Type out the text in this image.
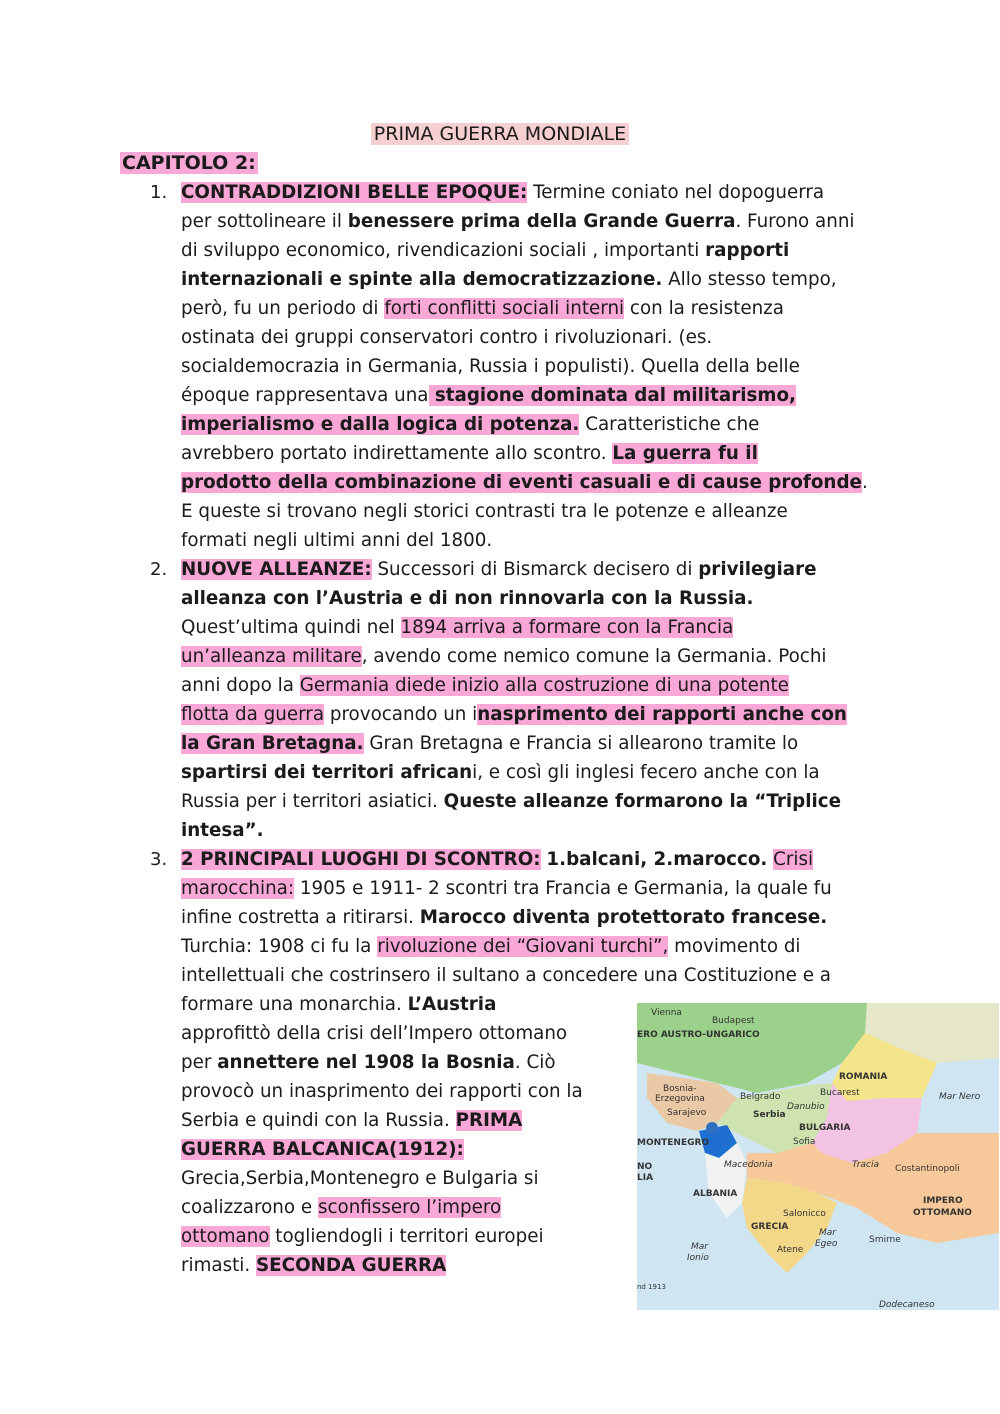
PRIMA GUERRA MONDIALE
CAPITOLO 2:
1. CONTRADDIZIONI BELLE EPOQUE: Termine coniato nel dopoguerra
per sottolineare il benessere prima della Grande Guerra. Furono anni
di sviluppo economico, rivendicazioni sociali , importanti rapporti
internazionali e spinte alla democratizzazione. Allo stesso tempo,
però, fu un periodo di forti conflitti sociali interni con la resistenza
ostinata dei gruppi conservatori contro i rivoluzionari. (es.
socialdemocrazia in Germania, Russia i populisti). Quella della belle
époque rappresentava una stagione dominata dal militarismo,
imperialismo e dalla logica di potenza. Caratteristiche che
avrebbero portato indirettamente allo scontro. La guerra fu il
prodotto della combinazione di eventi casuali e di cause profonde.
E queste si trovano negli storici contrasti tra le potenze e alleanze
formati negli ultimi anni del 1800.
2. NUOVE ALLEANZE: Successori di Bismarck decisero di privilegiare
alleanza con l’Austria e di non rinnovarla con la Russia.
Quest’ultima quindi nel 1894 arriva a formare con la Francia
un’alleanza militare, avendo come nemico comune la Germania. Pochi
anni dopo la Germania diede inizio alla costruzione di una potente
flotta da guerra provocando un inasprimento dei rapporti anche con
la Gran Bretagna. Gran Bretagna e Francia si allearono tramite lo
spartirsi dei territori africani, e così gli inglesi fecero anche con la
Russia per i territori asiatici. Queste alleanze formarono la “Triplice
intesa”.
3. 2 PRINCIPALI LUOGHI DI SCONTRO: 1.balcani, 2.marocco. Crisi
marocchina: 1905 e 1911- 2 scontri tra Francia e Germania, la quale fu
infine costretta a ritirarsi. Marocco diventa protettorato francese.
Turchia: 1908 ci fu la rivoluzione dei “Giovani turchi”, movimento di
intellettuali che costrinsero il sultano a concedere una Costituzione e a
formare una monarchia. L’Austria
approfittò della crisi dell’Impero ottomano
per annettere nel 1908 la Bosnia. Ciò
provocò un inasprimento dei rapporti con la
Serbia e quindi con la Russia. PRIMA
GUERRA BALCANICA(1912):
Grecia,Serbia,Montenegro e Bulgaria si
coalizzarono e sconfissero l’impero
ottomano togliendogli i territori europei
rimasti. SECONDA GUERRA
Vienna
Budapest
ERO AUSTRO-UNGARICO
ROMANIA
Bucarest
Danubio
Mar Nero
Bosnia-
Erzegovina	Belgrado
Sarajevo	Serbia
BULGARIA
Sofia
MONTENEGRO
NO
LIA
Macedonia	Tracia Costantinopoli
ALBANIA
IMPERO
OTTOMANO
Salonicco
GRECIA
Mar
Egeo	Smirne
Atene
Mar
Ionio
nd 1913
Dodecaneso
